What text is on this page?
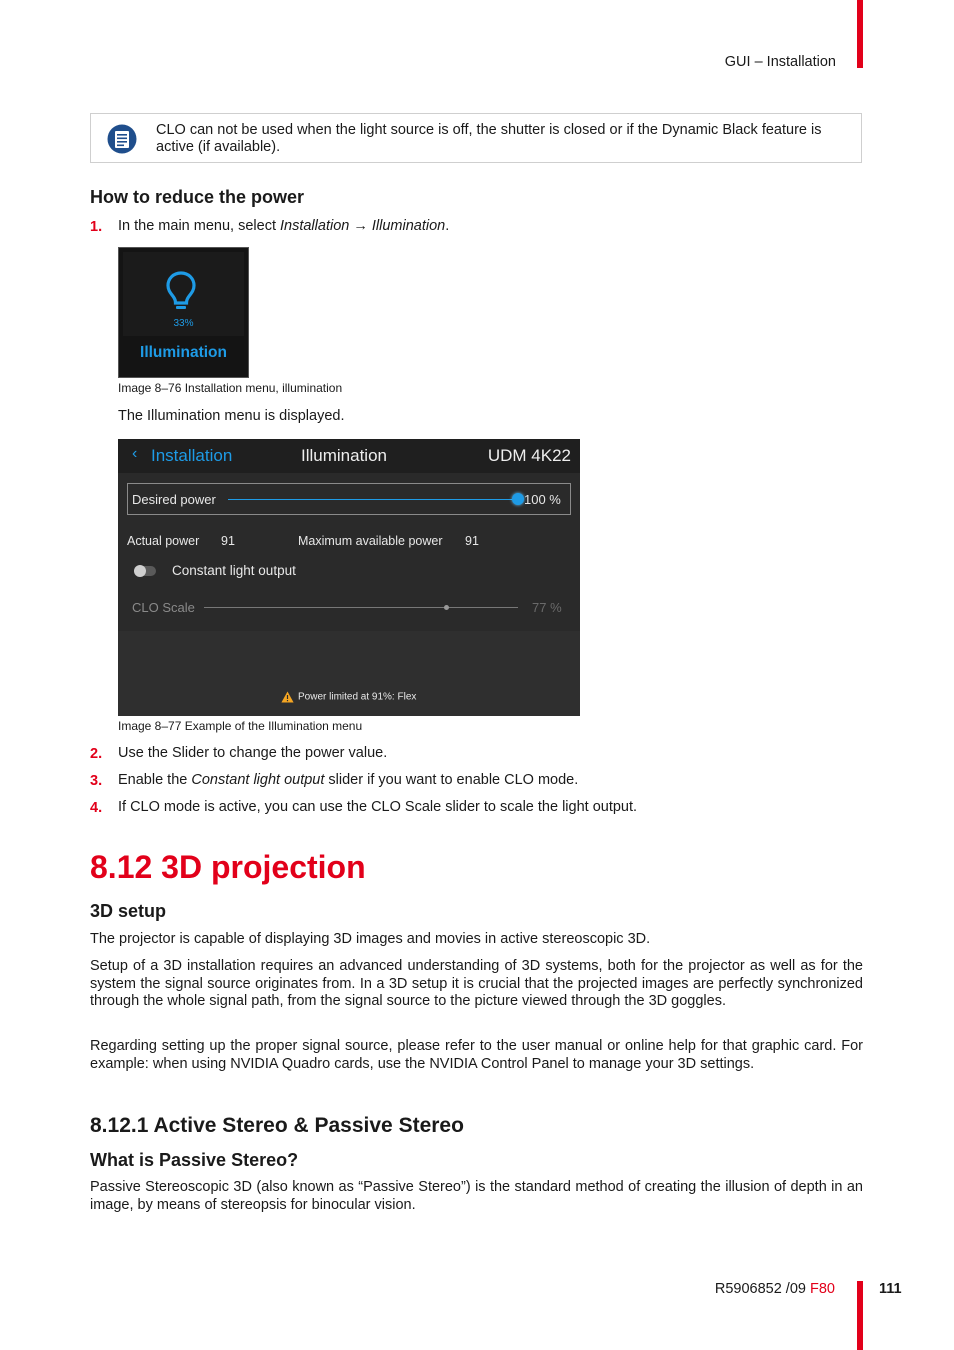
GUI – Installation
CLO can not be used when the light source is off, the shutter is closed or if the Dynamic Black feature is active (if available).
How to reduce the power
1. In the main menu, select Installation → Illumination.
33%
Illumination
Image 8–76 Installation menu, illumination
The Illumination menu is displayed.
‹ Installation	Illumination	UDM 4K22
Desired power	100 %
Actual power 91	Maximum available power 91
Constant light output
CLO Scale	77 %
Power limited at 91%: Flex
Image 8–77 Example of the Illumination menu
2. Use the Slider to change the power value.
3. Enable the Constant light output slider if you want to enable CLO mode.
4. If CLO mode is active, you can use the CLO Scale slider to scale the light output.
8.12 3D projection
3D setup
The projector is capable of displaying 3D images and movies in active stereoscopic 3D.
Setup of a 3D installation requires an advanced understanding of 3D systems, both for the projector as well as for the system the signal source originates from. In a 3D setup it is crucial that the projected images are perfectly synchronized through the whole signal path, from the signal source to the picture viewed through the 3D goggles.
Regarding setting up the proper signal source, please refer to the user manual or online help for that graphic card. For example: when using NVIDIA Quadro cards, use the NVIDIA Control Panel to manage your 3D settings.
8.12.1 Active Stereo & Passive Stereo
What is Passive Stereo?
Passive Stereoscopic 3D (also known as “Passive Stereo”) is the standard method of creating the illusion of depth in an image, by means of stereopsis for binocular vision.
R5906852 /09 F80	111
